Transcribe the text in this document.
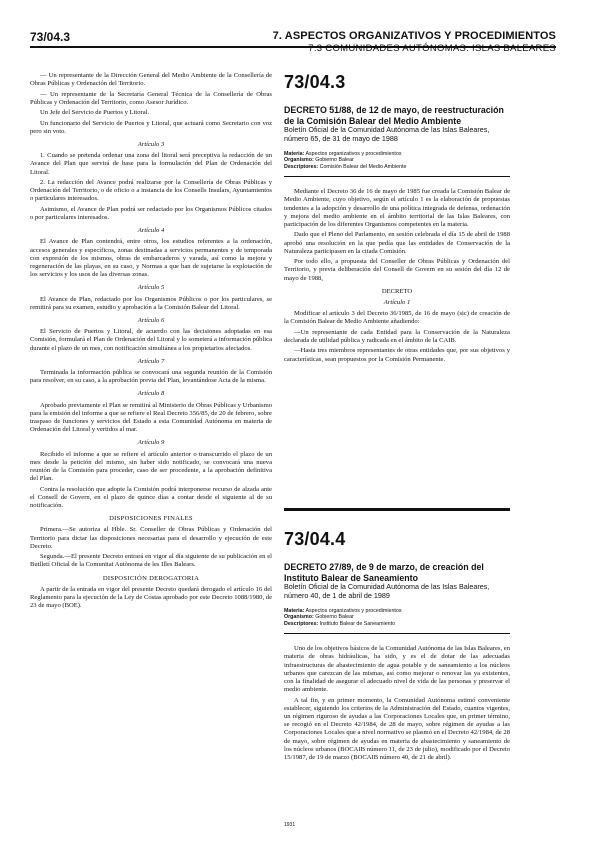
73/04.3	7. ASPECTOS ORGANIZATIVOS Y PROCEDIMIENTOS
7.3 COMUNIDADES AUTÓNOMAS: ISLAS BALEARES

— Un representante de la Dirección General del Medio Ambiente de la Consellería de Obras Públicas y Ordenación del Territorio.

— Un representante de la Secretaría General Técnica de la Consellería de Obras Públicas y Ordenación del Territorio, como Asesor Jurídico.

Un Jefe del Servicio de Puertos y Litoral.

Un funcionario del Servicio de Puertos y Litoral, que actuará como Secretario con voz pero sin voto.

Artículo 3

1. Cuando se pretenda ordenar una zona del litoral será preceptiva la redacción de un Avance del Plan que servirá de base para la formulación del Plan de Ordenación del Litoral.

2. La redacción del Avance podrá realizarse por la Consellería de Obras Públicas y Ordenación del Territorio, o de oficio o a instancia de los Consells Insulars, Ayuntamientos o particulares interesados.

Asimismo, el Avance de Plan podrá ser redactado por los Organismos Públicos citados o por particulares interesados.

Artículo 4

El Avance de Plan contendrá, entre otros, los estudios referentes a la ordenación, accesos generales y específicos, zonas destinadas a servicios permanentes y de temporada con expresión de los mismos, obras de embarcaderos y varada, así como la mejora y regeneración de las playas, en su caso, y Normas a que han de sujetarse la explotación de los servicios y los usos de las diversas zonas.

Artículo 5

El Avance de Plan, redactado por los Organismos Públicos o por los particulares, se remitirá para su examen, estudio y aprobación a la Comisión Balear del Litoral.

Artículo 6

El Servicio de Puertos y Litoral, de acuerdo con las decisiones adoptadas en esa Comisión, formulará el Plan de Ordenación del Litoral y lo someterá a información pública durante el plazo de un mes, con notificación simultánea a los propietarios afectados.

Artículo 7

Terminada la información pública se convocará una segunda reunión de la Comisión para resolver, en su caso, a la aprobación previa del Plan, levantándose Acta de la misma.

Artículo 8

Aprobado previamente el Plan se remitirá al Ministerio de Obras Públicas y Urbanismo para la emisión del informe a que se refiere el Real Decreto 356/85, de 20 de febrero, sobre traspaso de funciones y servicios del Estado a esta Comunidad Autónoma en materia de Ordenación del Litoral y vertidos al mar.

Artículo 9

Recibido el informe a que se refiere el artículo anterior o transcurrido el plazo de un mes desde la petición del mismo, sin haber sido notificado, se convocará una nueva reunión de la Comisión para proceder, caso de ser procedente, a la aprobación definitiva del Plan.

Contra la resolución que adopte la Comisión podrá interponerse recurso de alzada ante el Consell de Govern, en el plazo de quince días a contar desde el siguiente al de su notificación.

DISPOSICIONES FINALES

Primera.—Se autoriza al Hble. Sr. Conseller de Obras Públicas y Ordenación del Territorio para dictar las disposiciones necesarias para el desarrollo y ejecución de este Decreto.

Segunda.—El presente Decreto entrará en vigor al día siguiente de su publicación en el Butlletí Oficial de la Comunitat Autònoma de les Illes Balears.

DISPOSICIÓN DEROGATORIA

A partir de la entrada en vigor del presente Decreto quedará derogado el artículo 16 del Reglamento para la ejecución de la Ley de Costas aprobado por este Decreto 1088/1980, de 23 de mayo (BOE).

73/04.3
DECRETO 51/88, de 12 de mayo, de reestructuración de la Comisión Balear del Medio Ambiente
Boletín Oficial de la Comunidad Autónoma de las Islas Baleares, número 65, de 31 de mayo de 1988
Materia: Aspectos organizativos y procedimientos
Organismo: Gobierno Balear
Descriptores: Comisión Balear del Medio Ambiente

Mediante el Decreto 36 de 16 de mayo de 1985 fue creada la Comisión Balear de Medio Ambiente, cuyo objetivo, según el artículo 1 es la elaboración de propuestas tendentes a la adopción y desarrollo de una política integrada de defensa, ordenación y mejora del medio ambiente en el ámbito territorial de las Islas Baleares, con participación de los diferentes Organismos competentes en la materia.

Dado que el Pleno del Parlamento, en sesión celebrada el día 15 de abril de 1988 aprobó una resolución en la que pedía que las entidades de Conservación de la Naturaleza participasen en la citada Comisión.

Por todo ello, a propuesta del Conseller de Obras Públicas y Ordenación del Territorio, y previa deliberación del Consell de Govern en su sesión del día 12 de mayo de 1988,

DECRETO

Artículo 1

Modificar el artículo 3 del Decreto 36/1985, de 16 de mayo (sic) de creación de la Comisión Balear de Medio Ambiente añadiendo:

—Un representante de cada Entidad para la Conservación de la Naturaleza declarada de utilidad pública y radicada en el ámbito de la CAIB.

—Hasta tres miembros representantes de otras entidades que, por sus objetivos y características, sean propuestos por la Comisión Permanente.

73/04.4
DECRETO 27/89, de 9 de marzo, de creación del Instituto Balear de Saneamiento
Boletín Oficial de la Comunidad Autónoma de las Islas Baleares, número 40, de 1 de abril de 1989
Materia: Aspectos organizativos y procedimientos
Organismo: Gobierno Balear
Descriptores: Instituto Balear de Saneamiento

Uno de los objetivos básicos de la Comunidad Autónoma de las Islas Baleares, en materia de obras hidráulicas, ha sido, y es el de dotar de las adecuadas infraestructuras de abastecimiento de agua potable y de saneamiento a los núcleos urbanos que carezcan de las mismas, así como mejorar o renovar las ya existentes, con la finalidad de asegurar el adecuado nivel de vida de las personas y preservar el medio ambiente.

A tal fin, y en primer momento, la Comunidad Autónoma estimó conveniente establecer, siguiendo los criterios de la Administración del Estado, cuantos vigentes, un régimen riguroso de ayudas a las Corporaciones Locales que, en primer término, se recogió en el Decreto 42/1984, de 28 de mayo, sobre régimen de ayudas a las Corporaciones Locales que a nivel normativo se plasmó en el Decreto 42/1984, de 28 de mayo, sobre régimen de ayudas en materia de abastecimiento y saneamiento de los núcleos urbanos (BOCAIB número 11, de 23 de julio), modificado por el Decreto 15/1987, de 19 de marzo (BOCAIB número 40, de 21 de abril).

1931
